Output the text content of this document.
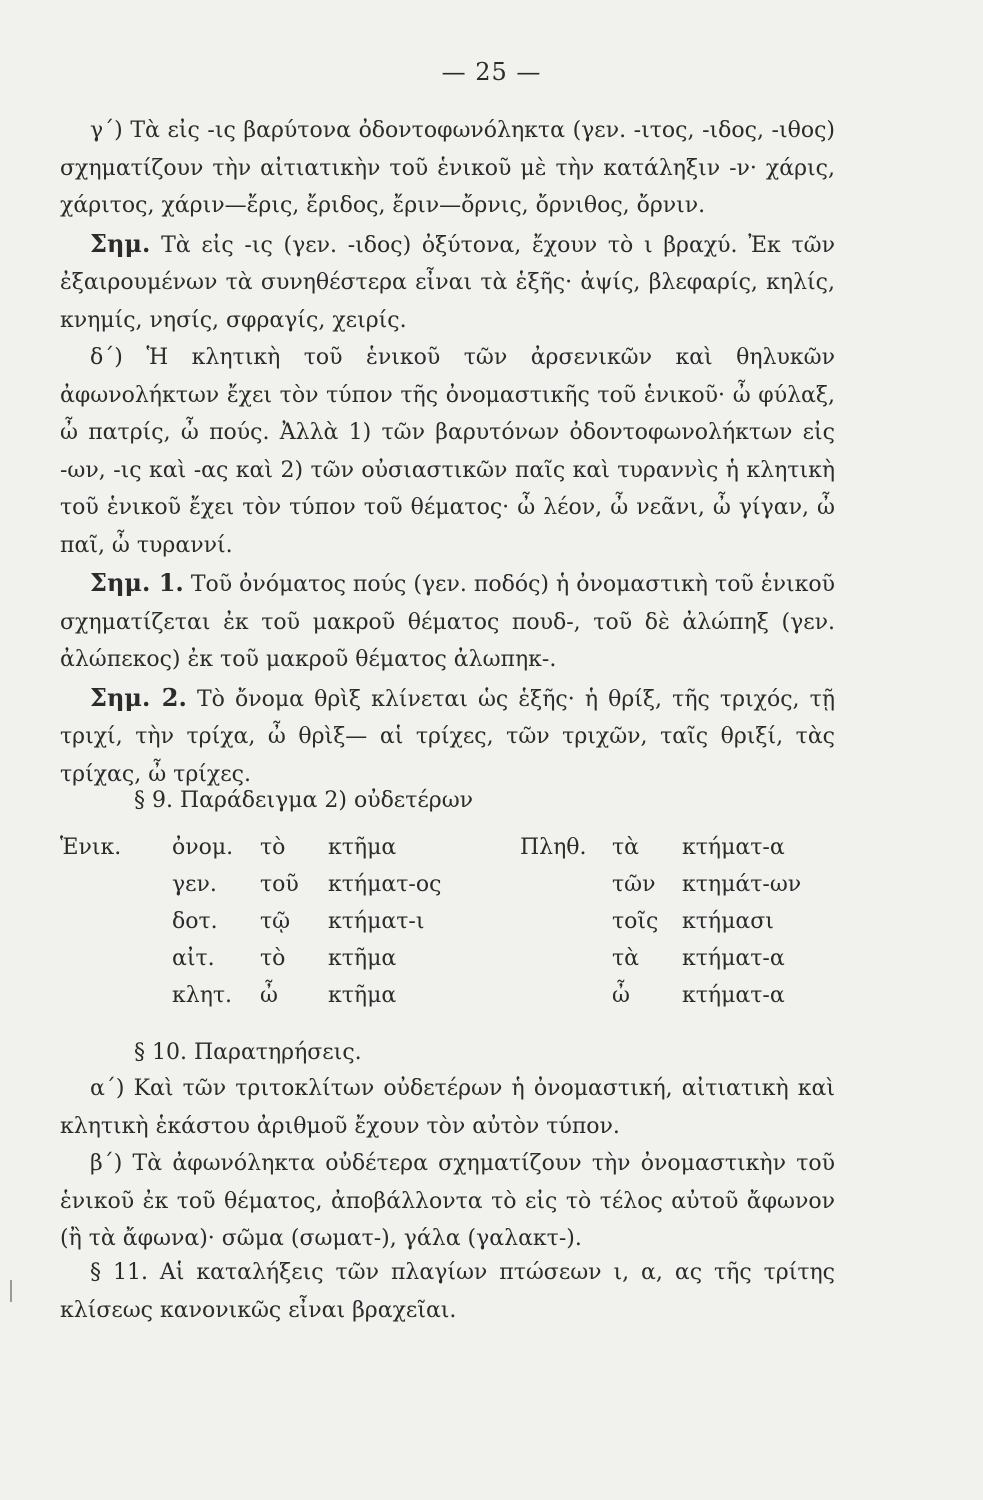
— 25 —

γ΄) Τὰ εἰς -ις βαρύτονα ὀδοντοφωνόληκτα (γεν. -ιτος, -ιδος, -ιθος) σχηματίζουν τὴν αἰτιατικὴν τοῦ ἑνικοῦ μὲ τὴν κατάληξιν -ν· χάρις, χάριτος, χάριν—ἔρις, ἔριδος, ἔριν—ὄρνις, ὄρνιθος, ὄρνιν.

Σημ. Τὰ εἰς -ις (γεν. -ιδος) ὀξύτονα, ἔχουν τὸ ι βραχύ. Ἐκ τῶν ἐξαιρουμένων τὰ συνηθέστερα εἶναι τὰ ἑξῆς· ἀψίς, βλεφαρίς, κηλίς, κνημίς, νησίς, σφραγίς, χειρίς.

δ΄) Ἡ κλητικὴ τοῦ ἑνικοῦ τῶν ἀρσενικῶν καὶ θηλυκῶν ἀφωνολήκτων ἔχει τὸν τύπον τῆς ὀνομαστικῆς τοῦ ἑνικοῦ· ὦ φύλαξ, ὦ πατρίς, ὦ πούς. Ἀλλὰ 1) τῶν βαρυτόνων ὀδοντοφωνολήκτων εἰς -ων, -ις καὶ -ας καὶ 2) τῶν οὐσιαστικῶν παῖς καὶ τυραννὶς ἡ κλητικὴ τοῦ ἑνικοῦ ἔχει τὸν τύπον τοῦ θέματος· ὦ λέον, ὦ νεᾶνι, ὦ γίγαν, ὦ παῖ, ὦ τυραννί.

Σημ. 1. Τοῦ ὀνόματος πούς (γεν. ποδός) ἡ ὀνομαστικὴ τοῦ ἑνικοῦ σχηματίζεται ἐκ τοῦ μακροῦ θέματος πουδ-, τοῦ δὲ ἀλώπηξ (γεν. ἀλώπεκος) ἐκ τοῦ μακροῦ θέματος ἀλωπηκ-.

Σημ. 2. Τὸ ὄνομα θρὶξ κλίνεται ὡς ἑξῆς· ἡ θρίξ, τῆς τριχός, τῇ τριχί, τὴν τρίχα, ὦ θρὶξ— αἱ τρίχες, τῶν τριχῶν, ταῖς θριξί, τὰς τρίχας, ὦ τρίχες.

§ 9. Παράδειγμα 2) οὐδετέρων
Ἑνικ.	ὀνομ.	τὸ	κτῆμα	Πληθ.	τὰ	κτήματ-α
	γεν.	τοῦ	κτήματ-ος		τῶν	κτημάτ-ων
	δοτ.	τῷ	κτήματ-ι		τοῖς	κτήμασι
	αἰτ.	τὸ	κτῆμα		τὰ	κτήματ-α
	κλητ.	ὦ	κτῆμα		ὦ	κτήματ-α
§ 10. Παρατηρήσεις.

α΄) Καὶ τῶν τριτοκλίτων οὐδετέρων ἡ ὀνομαστική, αἰτιατικὴ καὶ κλητικὴ ἑκάστου ἀριθμοῦ ἔχουν τὸν αὐτὸν τύπον.

β΄) Τὰ ἀφωνόληκτα οὐδέτερα σχηματίζουν τὴν ὀνομαστικὴν τοῦ ἑνικοῦ ἐκ τοῦ θέματος, ἀποβάλλοντα τὸ εἰς τὸ τέλος αὐτοῦ ἄφωνον (ἢ τὰ ἄφωνα)· σῶμα (σωματ-), γάλα (γαλακτ-).

§ 11. Αἱ καταλήξεις τῶν πλαγίων πτώσεων ι, α, ας τῆς τρίτης κλίσεως κανονικῶς εἶναι βραχεῖαι.
